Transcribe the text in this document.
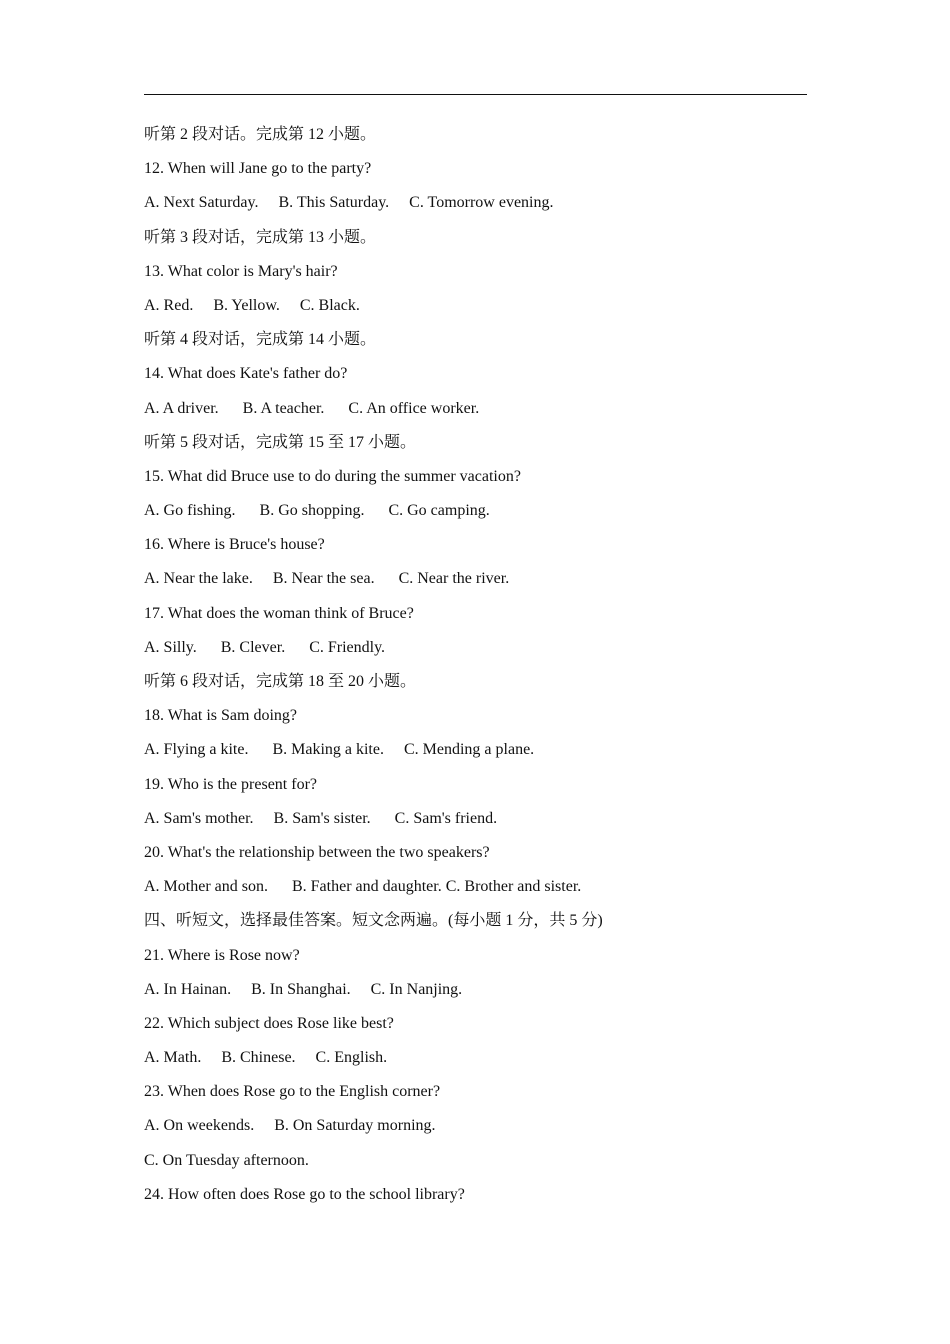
听第 2 段对话。完成第 12 小题。
12. When will Jane go to the party?
A. Next Saturday.     B. This Saturday.     C. Tomorrow evening.
听第 3 段对话，完成第 13 小题。
13. What color is Mary's hair?
A. Red.     B. Yellow.     C. Black.
听第 4 段对话，完成第 14 小题。
14. What does Kate's father do?
A. A driver.      B. A teacher.      C. An office worker.
听第 5 段对话，完成第 15 至 17 小题。
15. What did Bruce use to do during the summer vacation?
A. Go fishing.      B. Go shopping.      C. Go camping.
16. Where is Bruce's house?
A. Near the lake.     B. Near the sea.      C. Near the river.
17. What does the woman think of Bruce?
A. Silly.      B. Clever.      C. Friendly.
听第 6 段对话，完成第 18 至 20 小题。
18. What is Sam doing?
A. Flying a kite.      B. Making a kite.     C. Mending a plane.
19. Who is the present for?
A. Sam's mother.     B. Sam's sister.      C. Sam's friend.
20. What's the relationship between the two speakers?
A. Mother and son.      B. Father and daughter. C. Brother and sister.
四、听短文，选择最佳答案。短文念两遍。(每小题 1 分，共 5 分)
21. Where is Rose now?
A. In Hainan.     B. In Shanghai.     C. In Nanjing.
22. Which subject does Rose like best?
A. Math.     B. Chinese.     C. English.
23. When does Rose go to the English corner?
A. On weekends.     B. On Saturday morning.
C. On Tuesday afternoon.
24. How often does Rose go to the school library?
